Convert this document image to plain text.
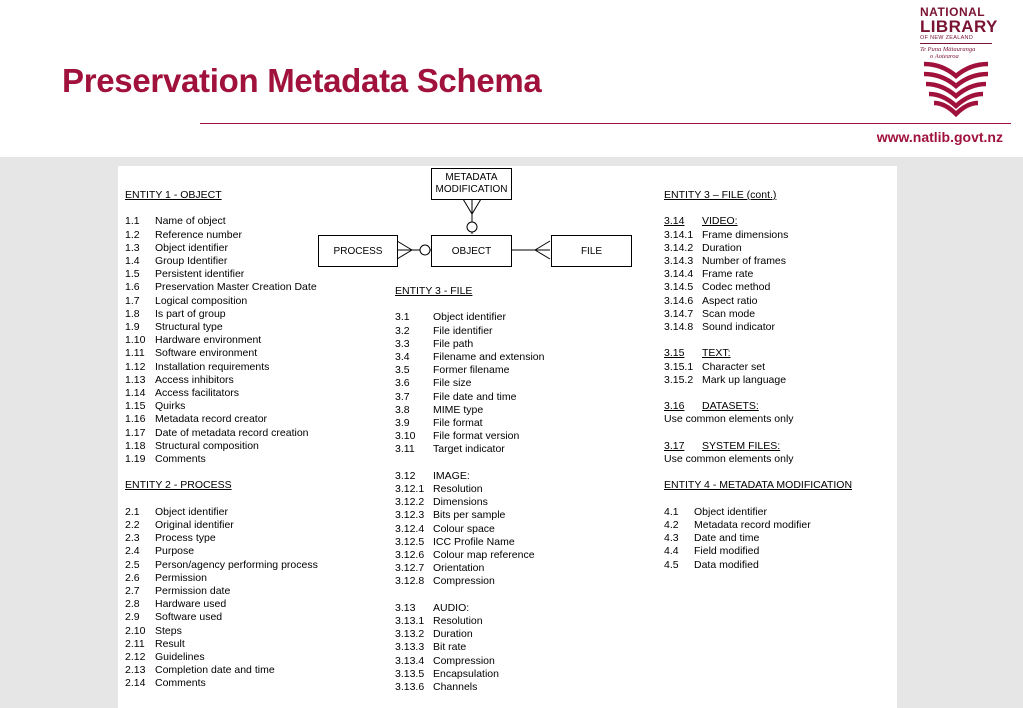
Preservation Metadata Schema
www.natlib.govt.nz
NATIONAL
LIBRARY
OF NEW ZEALAND
Te Puna Mātauranga
o Aotearoa
METADATA MODIFICATION
PROCESS	OBJECT	FILE
ENTITY 1 - OBJECT
1.1	Name of object
1.2	Reference number
1.3	Object identifier
1.4	Group Identifier
1.5	Persistent identifier
1.6	Preservation Master Creation Date
1.7	Logical composition
1.8	Is part of group
1.9	Structural type
1.10 Hardware environment
1.11 Software environment
1.12 Installation requirements
1.13 Access inhibitors
1.14 Access facilitators
1.15 Quirks
1.16 Metadata record creator
1.17 Date of metadata record creation
1.18 Structural composition
1.19 Comments
ENTITY 2 - PROCESS
2.1	Object identifier
2.2	Original identifier
2.3	Process type
2.4	Purpose
2.5	Person/agency performing process
2.6	Permission
2.7	Permission date
2.8	Hardware used
2.9	Software used
2.10 Steps
2.11 Result
2.12 Guidelines
2.13 Completion date and time
2.14 Comments
ENTITY 3 - FILE
3.1	Object identifier
3.2	File identifier
3.3	File path
3.4	Filename and extension
3.5	Former filename
3.6	File size
3.7	File date and time
3.8	MIME type
3.9	File format
3.10	File format version
3.11	Target indicator
3.12	IMAGE:
3.12.1 Resolution
3.12.2 Dimensions
3.12.3 Bits per sample
3.12.4 Colour space
3.12.5 ICC Profile Name
3.12.6 Colour map reference
3.12.7 Orientation
3.12.8 Compression
3.13	AUDIO:
3.13.1 Resolution
3.13.2 Duration
3.13.3 Bit rate
3.13.4 Compression
3.13.5 Encapsulation
3.13.6 Channels
ENTITY 3 – FILE (cont.)
3.14	VIDEO:
3.14.1 Frame dimensions
3.14.2 Duration
3.14.3 Number of frames
3.14.4 Frame rate
3.14.5 Codec method
3.14.6 Aspect ratio
3.14.7 Scan mode
3.14.8 Sound indicator
3.15	TEXT:
3.15.1 Character set
3.15.2 Mark up language
3.16	DATASETS:
Use common elements only
3.17	SYSTEM FILES:
Use common elements only
ENTITY 4 - METADATA MODIFICATION
4.1	Object identifier
4.2	Metadata record modifier
4.3	Date and time
4.4	Field modified
4.5	Data modified
